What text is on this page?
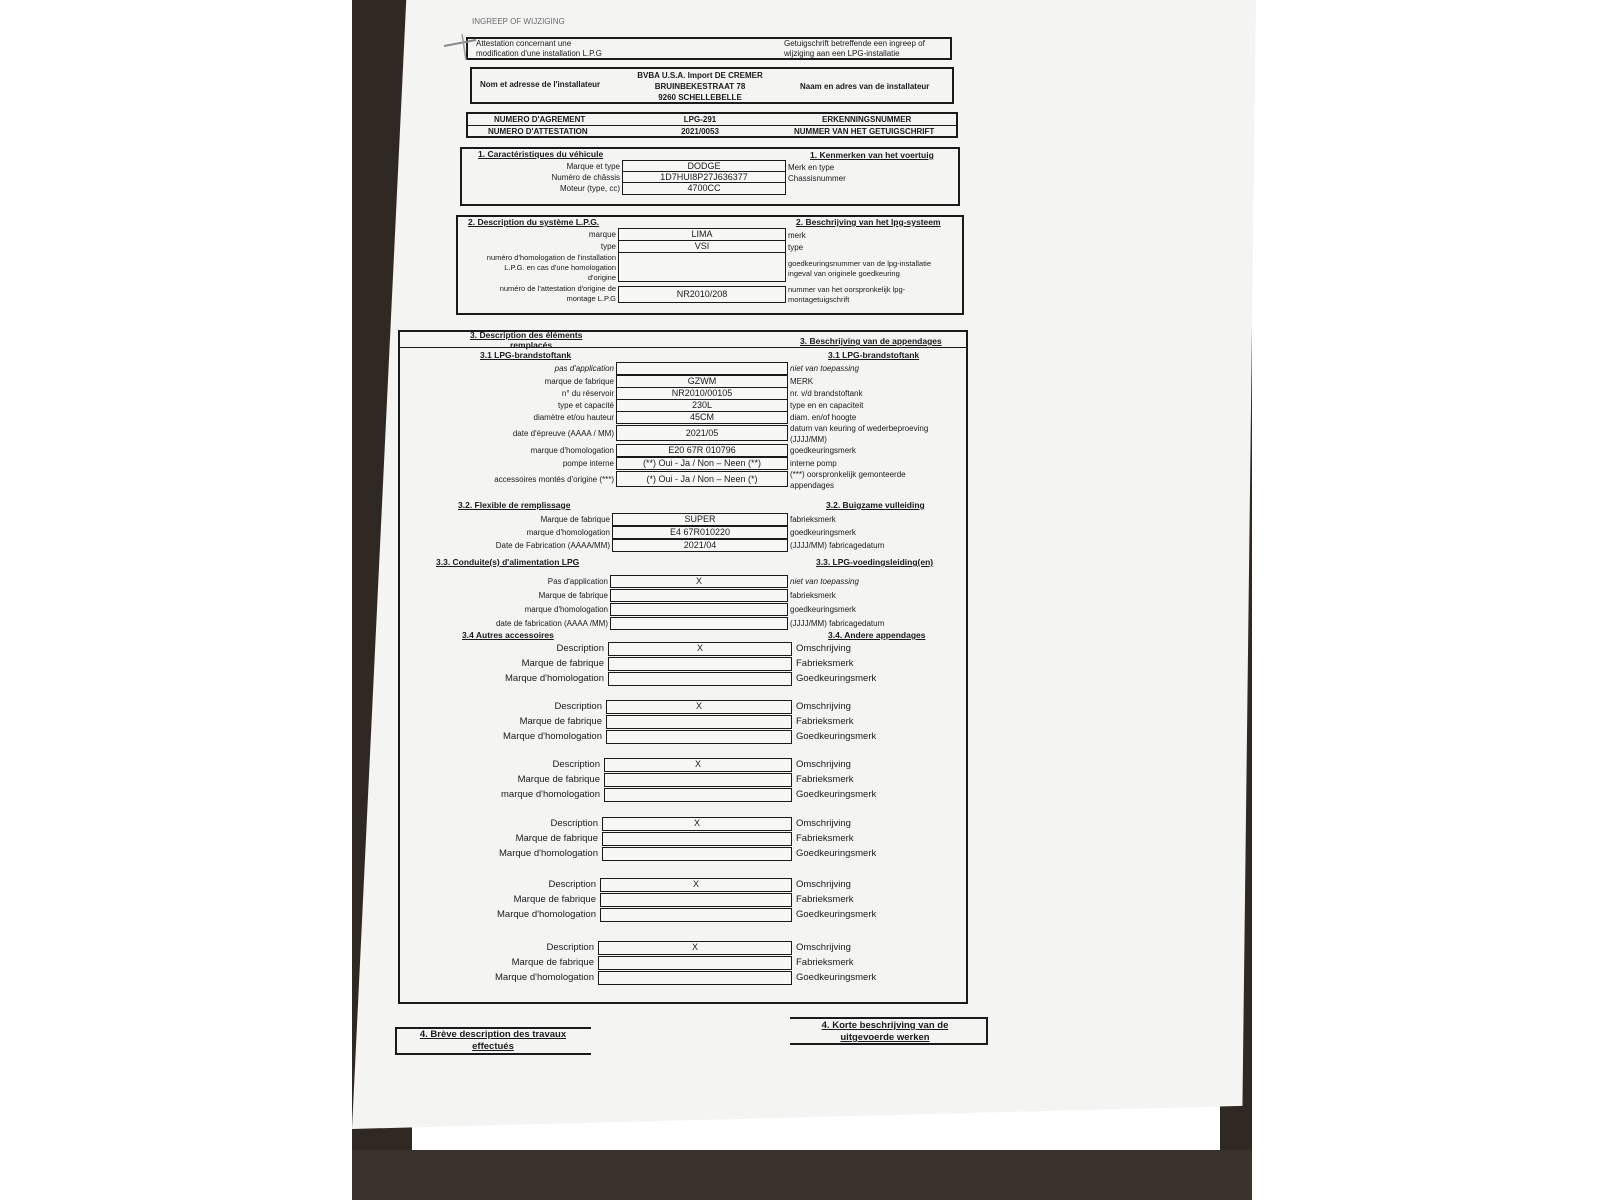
INGREEP OF WIJZIGING
Attestation concernant une
modification d'une installation L.P.G
Getuigschrift betreffende een ingreep of
wijziging aan een LPG-installatie
Nom et adresse de l'installateur
BVBA U.S.A. Import DE CREMER
BRUINBEKESTRAAT 78
9260 SCHELLEBELLE
Naam en adres van de installateur
NUMERO D'AGREMENT	LPG-291	ERKENNINGSNUMMER
NUMERO D'ATTESTATION	2021/0053	NUMMER VAN HET GETUIGSCHRIFT
1. Caractéristiques du véhicule	1. Kenmerken van het voertuig
Marque et type	DODGE	Merk en type
Numéro de châssis	1D7HUI8P27J636377	Chassisnummer
Moteur (type, cc)	4700CC
2. Description du système L.P.G.	2. Beschrijving van het lpg-systeem
marque	LIMA	merk
type	VSI	type
numéro d'homologation de l'installation
L.P.G. en cas d'une homologation
d'origine
goedkeuringsnummer van de lpg-installatie
ingeval van originele goedkeuring
numéro de l'attestation d'origine de
montage L.P.G	NR2010/208	nummer van het oorspronkelijk lpg-
montagetuigschrift
3. Description des éléments
remplacés	3. Beschrijving van de appendages
3.1 LPG-brandstoftank	3.1 LPG-brandstoftank
pas d'application	niet van toepassing
marque de fabrique	GZWM	MERK
n° du réservoir	NR2010/00105	nr. v/d brandstoftank
type et capacité	230L	type en en capaciteit
diamètre et/ou hauteur	45CM	diam. en/of hoogte
date d'épreuve (AAAA / MM)	2021/05	datum van keuring of wederbeproeving
(JJJJ/MM)
marque d'homologation	E20 67R 010796	goedkeuringsmerk
pompe interne	(**) Oui - Ja / Non – Neen (**)	interne pomp
accessoires montés d'origine (***)	(*) Oui - Ja / Non – Neen (*)	(***) oorspronkelijk gemonteerde
appendages
3.2. Flexible de remplissage	3.2. Buigzame vulleiding
Marque de fabrique	SUPER	fabrieksmerk
marque d'homologation	E4 67R010220	goedkeuringsmerk
Date de Fabrication (AAAA/MM)	2021/04	(JJJJ/MM) fabricagedatum
3.3. Conduite(s) d'alimentation LPG	3.3. LPG-voedingsleiding(en)
Pas d'application	X	niet van toepassing
Marque de fabrique	fabrieksmerk
marque d'homologation	goedkeuringsmerk
date de fabrication (AAAA /MM)	(JJJJ/MM) fabricagedatum
3.4 Autres accessoires	3.4. Andere appendages
Description	X	Omschrijving
Marque de fabrique	Fabrieksmerk
Marque d'homologation	Goedkeuringsmerk
Description	X	Omschrijving
Marque de fabrique	Fabrieksmerk
Marque d'homologation	Goedkeuringsmerk
Description	X	Omschrijving
Marque de fabrique	Fabrieksmerk
marque d'homologation	Goedkeuringsmerk
Description	X	Omschrijving
Marque de fabrique	Fabrieksmerk
Marque d'homologation	Goedkeuringsmerk
Description	X	Omschrijving
Marque de fabrique	Fabrieksmerk
Marque d'homologation	Goedkeuringsmerk
Description	X	Omschrijving
Marque de fabrique	Fabrieksmerk
Marque d'homologation	Goedkeuringsmerk
4. Brève description des travaux
effectués
4. Korte beschrijving van de
uitgevoerde werken
